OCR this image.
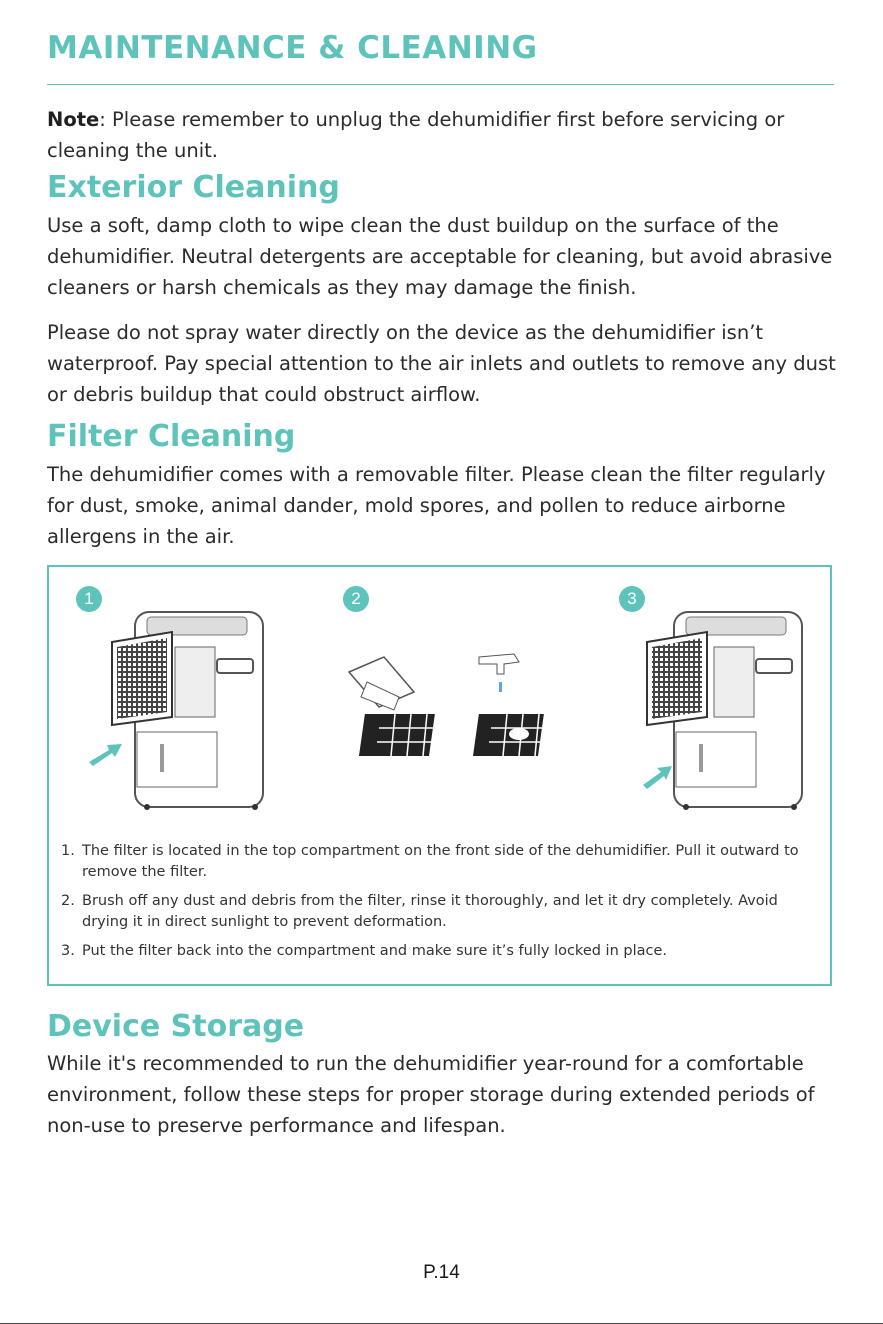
MAINTENANCE & CLEANING
Note: Please remember to unplug the dehumidifier first before servicing or cleaning the unit.
Exterior Cleaning
Use a soft, damp cloth to wipe clean the dust buildup on the surface of the dehumidifier. Neutral detergents are acceptable for cleaning, but avoid abrasive cleaners or harsh chemicals as they may damage the finish.
Please do not spray water directly on the device as the dehumidifier isn’t waterproof. Pay special attention to the air inlets and outlets to remove any dust or debris buildup that could obstruct airflow.
Filter Cleaning
The dehumidifier comes with a removable filter. Please clean the filter regularly for dust, smoke, animal dander, mold spores, and pollen to reduce airborne allergens in the air.
1	2	3
1. The filter is located in the top compartment on the front side of the dehumidifier. Pull it outward to remove the filter.
2. Brush off any dust and debris from the filter, rinse it thoroughly, and let it dry completely. Avoid drying it in direct sunlight to prevent deformation.
3. Put the filter back into the compartment and make sure it’s fully locked in place.
Device Storage
While it's recommended to run the dehumidifier year-round for a comfortable environment, follow these steps for proper storage during extended periods of non-use to preserve performance and lifespan.
P.14
